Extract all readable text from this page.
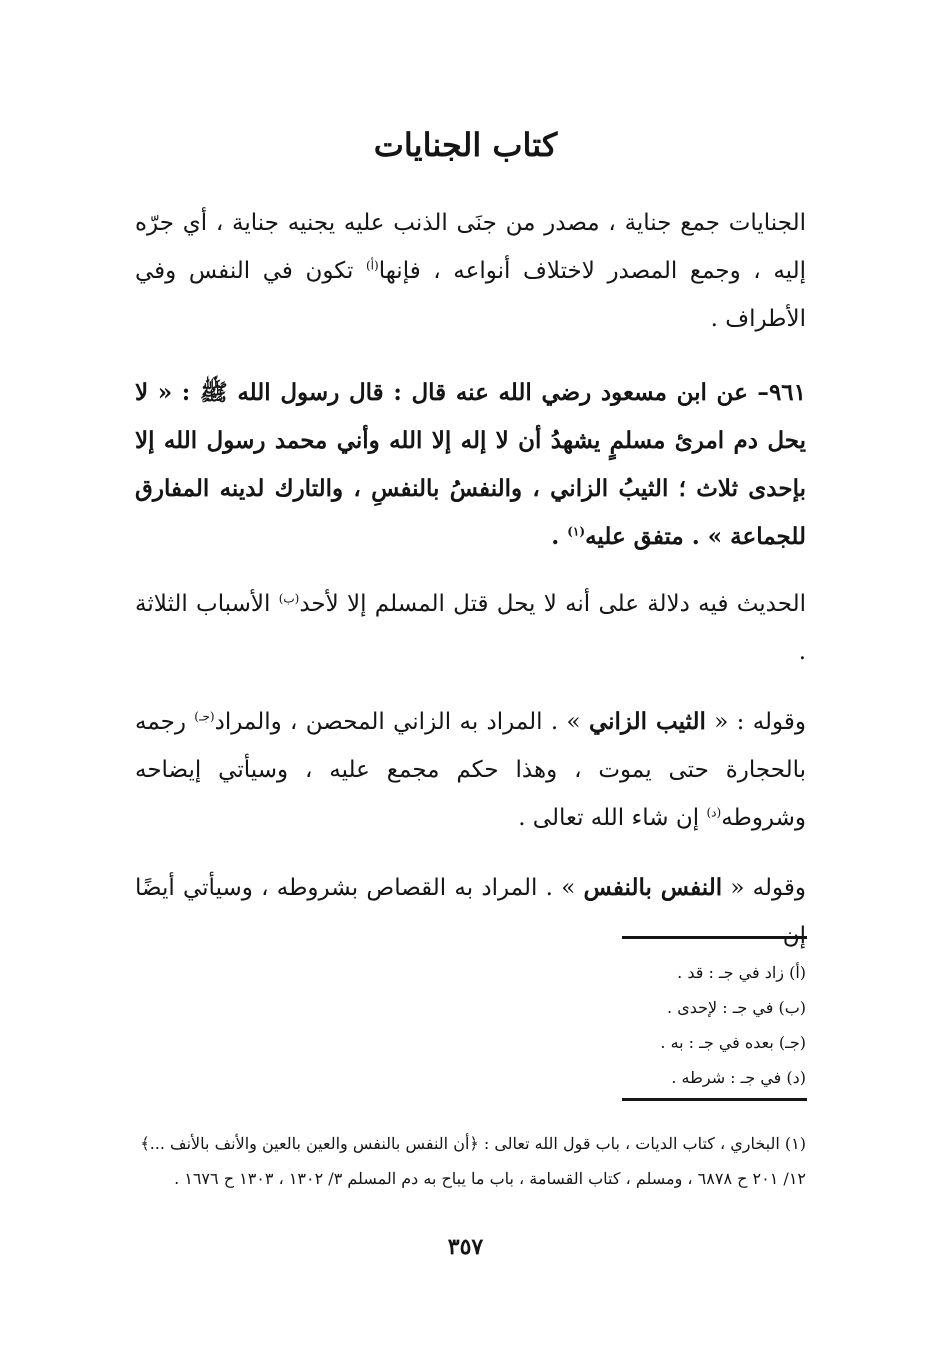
كتاب الجنايات
الجنايات جمع جناية ، مصدر من جنَى الذنب عليه يجنيه جناية ، أي جرّه إليه ، وجمع المصدر لاختلاف أنواعه ، فإنها$^{(أ)}$ تكون في النفس وفي الأطراف .
٩٦١– عن ابن مسعود رضي الله عنه قال : قال رسول الله ﷺ : « لا يحل دم امرئ مسلمٍ يشهدُ أن لا إله إلا الله وأني محمد رسول الله إلا بإحدى ثلاث ؛ الثيبُ الزاني ، والنفسُ بالنفسِ ، والتارك لدينه المفارق للجماعة » . متفق عليه$^{(١)}$ .
الحديث فيه دلالة على أنه لا يحل قتل المسلم إلا لأحد$^{(ب)}$ الأسباب الثلاثة .
وقوله : « الثيب الزاني » . المراد به الزاني المحصن ، والمراد$^{(جـ)}$ رجمه بالحجارة حتى يموت ، وهذا حكم مجمع عليه ، وسيأتي إيضاحه وشروطه$^{(د)}$ إن شاء الله تعالى .
وقوله « النفس بالنفس » . المراد به القصاص بشروطه ، وسيأتي أيضًا
(أ) زاد في جـ : قد .
(ب) في جـ : لإحدى .
(جـ) بعده في جـ : به .
(د) في جـ : شرطه .
(١) البخاري ، كتاب الديات ، باب قول الله تعالى : ﴿أن النفس بالنفس والعين بالعين والأنف بالأنف ...﴾ ١٢/ ٢٠١ ح ٦٨٧٨ ، ومسلم ، كتاب القسامة ، باب ما يباح به دم المسلم ٣/ ١٣٠٢ ، ١٣٠٣ ح ١٦٧٦ .
٣٥٧
